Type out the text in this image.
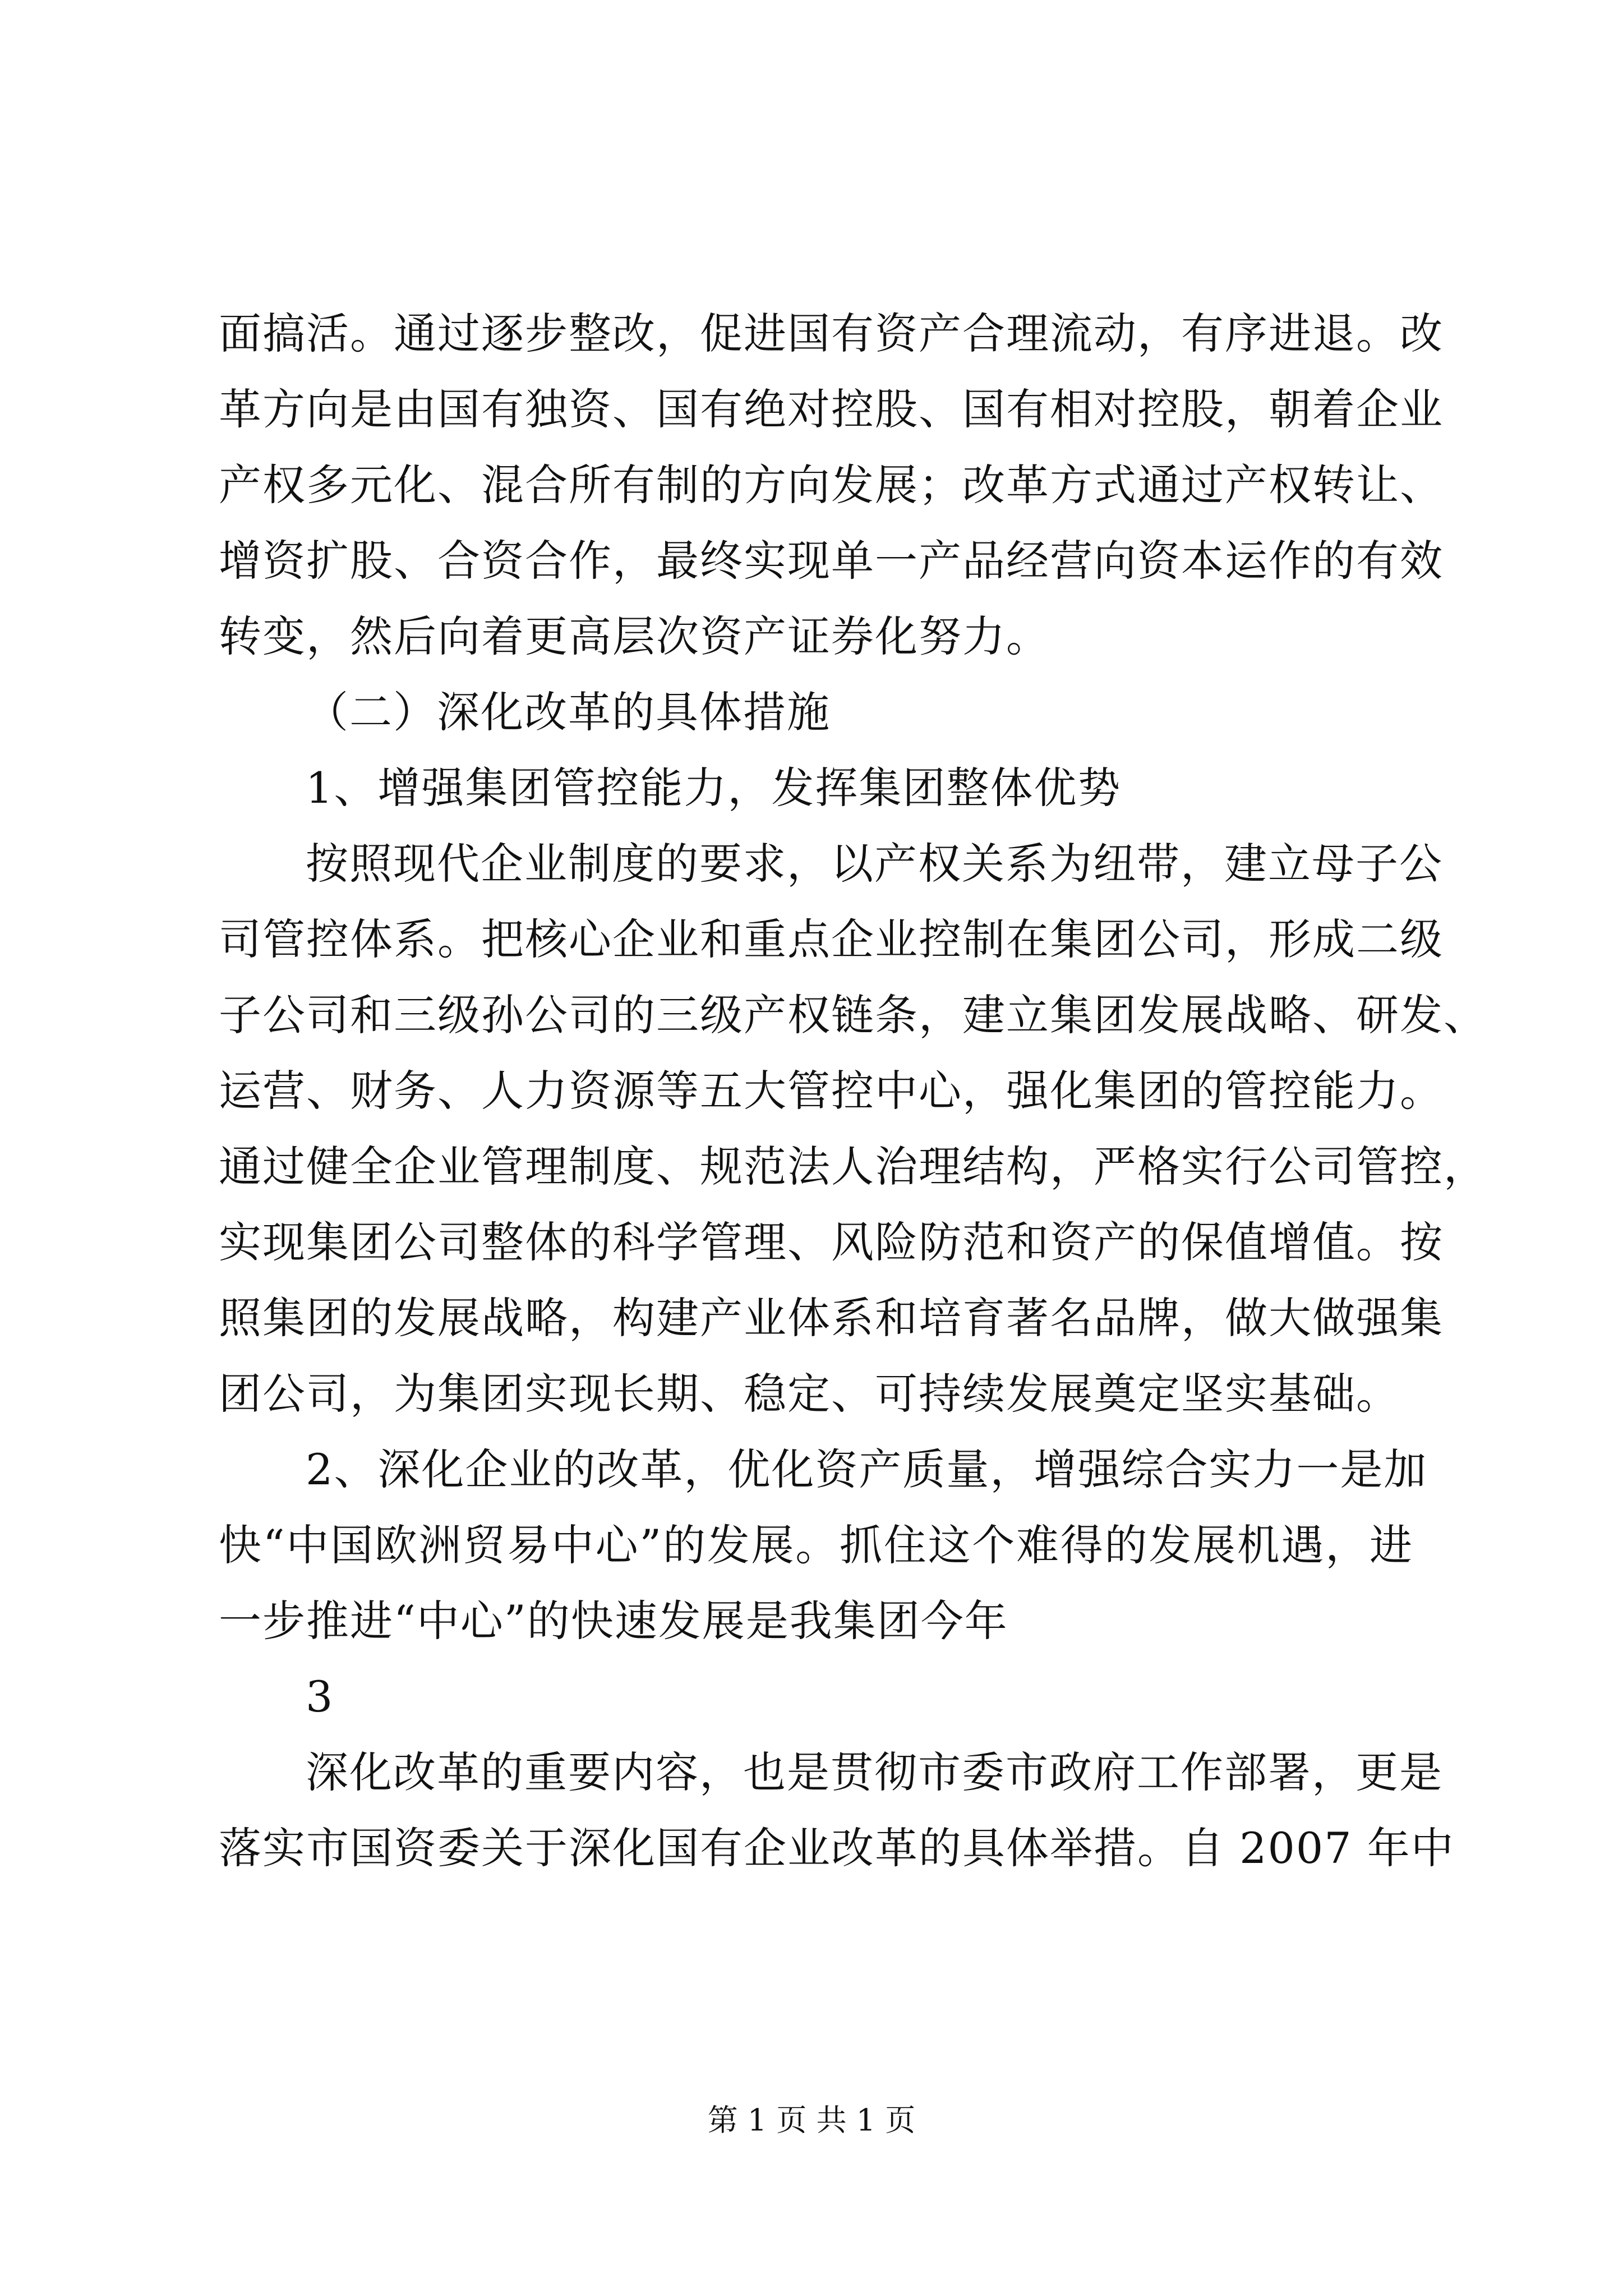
面搞活。通过逐步整改，促进国有资产合理流动，有序进退。改
革方向是由国有独资、国有绝对控股、国有相对控股，朝着企业
产权多元化、混合所有制的方向发展；改革方式通过产权转让、
增资扩股、合资合作，最终实现单一产品经营向资本运作的有效
转变，然后向着更高层次资产证券化努力。
（二）深化改革的具体措施
1、增强集团管控能力，发挥集团整体优势
按照现代企业制度的要求，以产权关系为纽带，建立母子公
司管控体系。把核心企业和重点企业控制在集团公司，形成二级
子公司和三级孙公司的三级产权链条，建立集团发展战略、研发、
运营、财务、人力资源等五大管控中心，强化集团的管控能力。
通过健全企业管理制度、规范法人治理结构，严格实行公司管控，
实现集团公司整体的科学管理、风险防范和资产的保值增值。按
照集团的发展战略，构建产业体系和培育著名品牌，做大做强集
团公司，为集团实现长期、稳定、可持续发展奠定坚实基础。
2、深化企业的改革，优化资产质量，增强综合实力一是加
快“中国欧洲贸易中心”的发展。抓住这个难得的发展机遇，进
一步推进“中心”的快速发展是我集团今年
3
深化改革的重要内容，也是贯彻市委市政府工作部署，更是
落实市国资委关于深化国有企业改革的具体举措。自 2007 年中
第 1 页 共 1 页
